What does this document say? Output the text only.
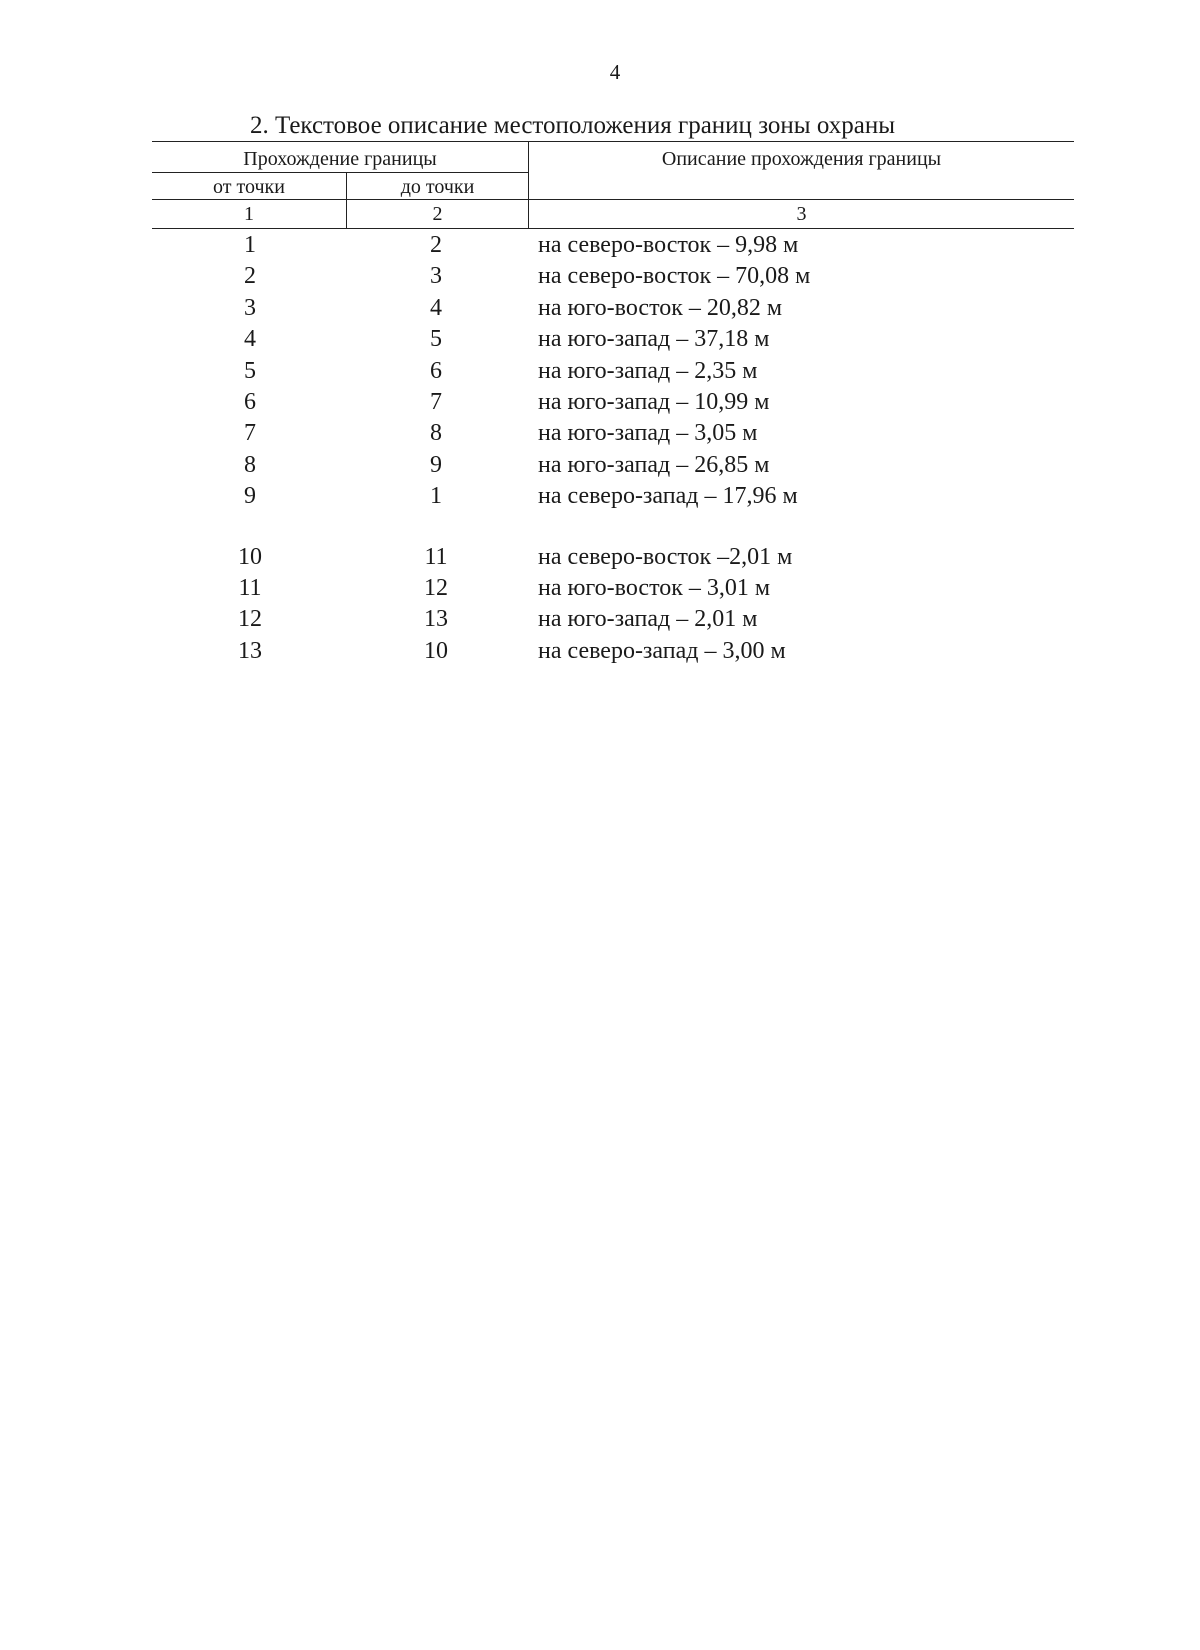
4
2. Текстовое описание местоположения границ зоны охраны
Прохождение границы	Описание прохождения границы
от точки	до точки
1	2	3
1	2	на северо-восток – 9,98 м
2	3	на северо-восток – 70,08 м
3	4	на юго-восток – 20,82 м
4	5	на юго-запад – 37,18 м
5	6	на юго-запад – 2,35 м
6	7	на юго-запад – 10,99 м
7	8	на юго-запад – 3,05 м
8	9	на юго-запад – 26,85 м
9	1	на северо-запад – 17,96 м
10	11	на северо-восток –2,01 м
11	12	на юго-восток – 3,01 м
12	13	на юго-запад – 2,01 м
13	10	на северо-запад – 3,00 м
